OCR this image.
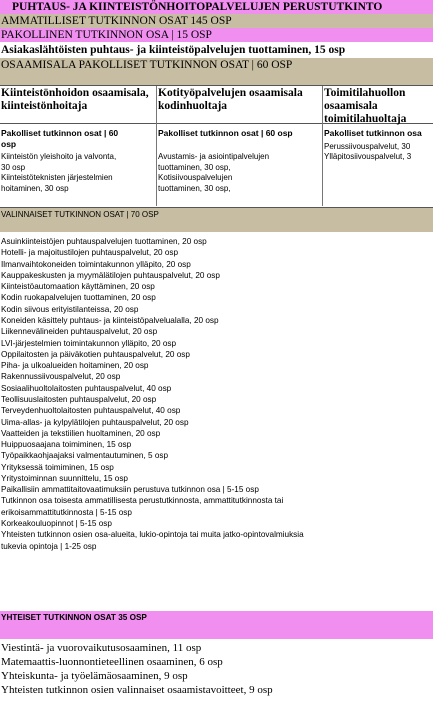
PUHTAUS- JA KIINTEISTÖNHOITOPALVELUJEN PERUSTUTKINTO
AMMATILLISET TUTKINNON OSAT 145 OSP
PAKOLLINEN TUTKINNON OSA | 15 OSP
Asiakaslähtöisten puhtaus- ja kiinteistöpalvelujen tuottaminen, 15 osp
OSAAMISALA PAKOLLISET TUTKINNON OSAT | 60 OSP
Kiinteistönhoidon osaamisala,
kiinteistönhoitaja
Pakolliset tutkinnon osat | 60
osp
Kiinteistön yleishoito ja valvonta,
30 osp
Kiinteistöteknisten järjestelmien
hoitaminen, 30 osp
Kotityöpalvelujen osaamisala
kodinhuoltaja
Pakolliset tutkinnon osat | 60 osp

Avustamis- ja asiointipalvelujen
tuottaminen, 30 osp,
Kotisiivouspalvelujen
tuottaminen, 30 osp,
Toimitilahuollon
osaamisala
toimitilahuoltaja
Pakolliset tutkinnon osa
Perussiivouspalvelut, 30
Ylläpitosiivouspalvelut, 3
VALINNAISET TUTKINNON OSAT | 70 OSP
Asuinkiinteistöjen puhtauspalvelujen tuottaminen, 20 osp
Hotelli- ja majoitustilojen puhtauspalvelut, 20 osp
Ilmanvaihtokoneiden toimintakunnon ylläpito, 20 osp
Kauppakeskusten ja myymälätilojen puhtauspalvelut, 20 osp
Kiinteistöautomaation käyttäminen, 20 osp
Kodin ruokapalvelujen tuottaminen, 20 osp
Kodin siivous erityistilanteissa, 20 osp
Koneiden käsittely puhtaus- ja kiinteistöpalvelualalla, 20 osp
Liikennevälineiden puhtauspalvelut, 20 osp
LVI-järjestelmien toimintakunnon ylläpito, 20 osp
Oppilaitosten ja päiväkotien puhtauspalvelut, 20 osp
Piha- ja ulkoalueiden hoitaminen, 20 osp
Rakennussiivouspalvelut, 20 osp
Sosiaalihuoltolaitosten puhtauspalvelut, 40 osp
Teollisuuslaitosten puhtauspalvelut, 20 osp
Terveydenhuoltolaitosten puhtauspalvelut, 40 osp
Uima-allas- ja kylpylätilojen puhtauspalvelut, 20 osp
Vaatteiden ja tekstiilien huoltaminen, 20 osp
Huippuosaajana toimiminen, 15 osp
Työpaikkaohjaajaksi valmentautuminen, 5 osp
Yrityksessä toimiminen, 15 osp
Yritystoiminnan suunnittelu, 15 osp
Paikallisiin ammattitaitovaatimuksiin perustuva tutkinnon osa | 5-15 osp
Tutkinnon osa toisesta ammatillisesta perustutkinnosta, ammattitutkinnosta tai
erikoisammattitutkinnosta | 5-15 osp
Korkeakouluopinnot | 5-15 osp
Yhteisten tutkinnon osien osa-alueita, lukio-opintoja tai muita jatko-opintovalmiuksia
tukevia opintoja | 1-25 osp
YHTEISET TUTKINNON OSAT 35 OSP
Viestintä- ja vuorovaikutusosaaminen, 11 osp
Matemaattis-luonnontieteellinen osaaminen, 6 osp
Yhteiskunta- ja työelämäosaaminen, 9 osp
Yhteisten tutkinnon osien valinnaiset osaamistavoitteet, 9 osp
